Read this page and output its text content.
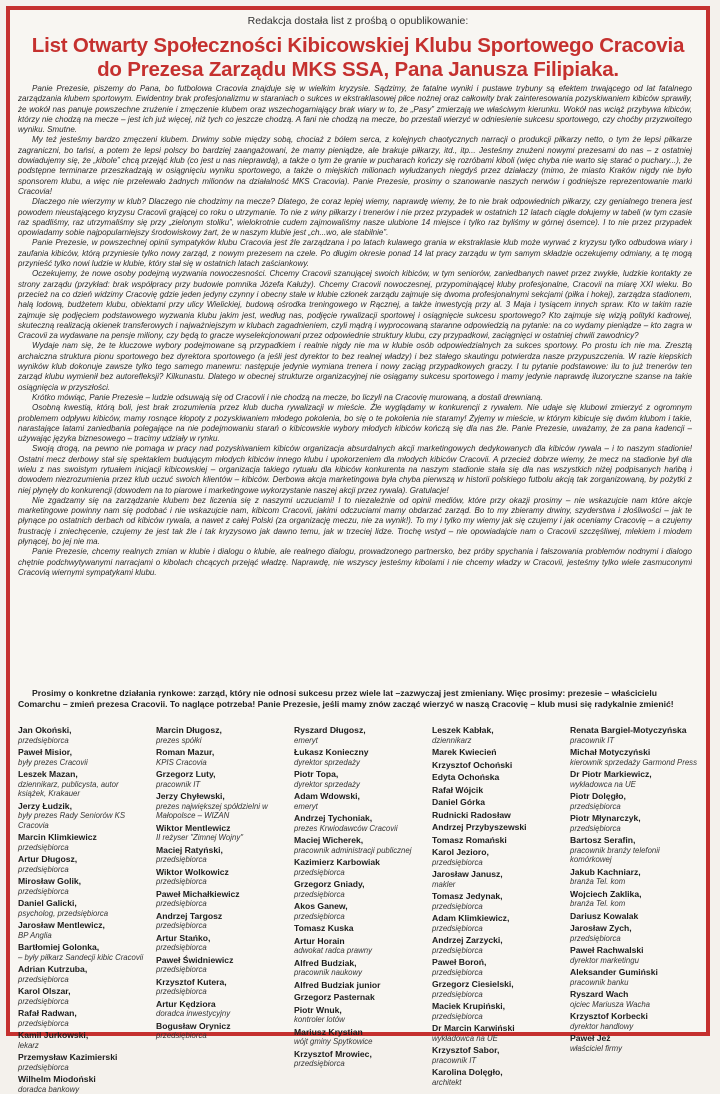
Redakcja dostała list z prośbą o opublikowanie:
List Otwarty Społeczności Kibicowskiej Klubu Sportowego Cracovia
do Prezesa Zarządu MKS SSA, Pana Janusza Filipiaka.

Panie Prezesie, piszemy do Pana, bo futbolowa Cracovia znajduje się w wielkim kryzysie. Sądzimy, że fatalne wyniki i pustawe trybuny są efektem trwającego od lat fatalnego zarządzania klubem sportowym. Ewidentny brak profesjonalizmu w staraniach o sukces w ekstraklasowej piłce nożnej oraz całkowity brak zainteresowania pozyskiwaniem kibiców sprawiły, że wokół nas panuje powszechne zrużenie i zmęczenie klubem oraz wszechogarniający brak wiary w to, że „Pasy” zmierzają we właściwym kierunku. Wokół nas wciąż przybywa kibiców, którzy nie chodzą na mecze – jest ich już więcej, niż tych co jeszcze chodzą. A fani nie chodzą na mecze, bo przestali wierzyć w odniesienie sukcesu sportowego, czy choćby przyzwoitego wyniku. Smutne.

My też jesteśmy bardzo zmęczeni klubem. Drwimy sobie między sobą, chociaż z bólem serca, z kolejnych chaotycznych narracji o produkcji piłkarzy netto, o tym że lepsi piłkarze zagraniczni, bo tańsi, a potem że lepsi polscy bo bardziej zaangażowani, że mamy pieniądze, ale brakuje piłkarzy, itd., itp... Jesteśmy znużeni nowymi prezesami do nas – z ostatniej dowiadujemy się, że „kibole” chcą przejąć klub (co jest u nas nieprawdą), a także o tym że granie w pucharach kończy się rozróbami kiboli (więc chyba nie warto się starać o puchary...), że podstępne terminarze przeszkadzają w osiągnięciu wyniku sportowego, a także o miejskich milionach wyłudzanych niegdyś przez działaczy (mimo, że miasto Kraków nigdy nie było sponsorem klubu, a więc nie przelewało żadnych milionów na działalność MKS Cracovia). Panie Prezesie, prosimy o szanowanie naszych nerwów i godniejsze reprezentowanie marki Cracovia!

Dlaczego nie wierzymy w klub? Dlaczego nie chodzimy na mecze? Dlatego, że coraz lepiej wiemy, naprawdę wiemy, że to nie brak odpowiednich piłkarzy, czy genialnego trenera jest powodem nieustającego kryzysu Cracovii grającej co roku o utrzymanie. To nie z winy piłkarzy i trenerów i nie przez przypadek w ostatnich 12 latach ciągle dołujemy w tabeli (w tym czasie raz spadliśmy, raz utrzymaliśmy się przy „zielonym stoliku”, wielokrotnie cudem zajmowaliśmy nasze ulubione 14 miejsce i tylko raz byliśmy w górnej ósemce). I to nie przez przypadek opowiadamy sobie najpopularniejszy środowiskowy żart, że w naszym klubie jest „ch...wo, ale stabilnie”.

Panie Prezesie, w powszechnej opinii sympatyków klubu Cracovia jest źle zarządzana i po latach kulawego grania w ekstraklasie klub może wyrwać z kryzysu tylko odbudowa wiary i zaufania kibiców, którą przyniesie tylko nowy zarząd, z nowym prezesem na czele. Po długim okresie ponad 14 lat pracy zarządu w tym samym składzie oczekujemy odmiany, a tę mogą przynieść tylko nowi ludzie w klubie, który stał się w ostatnich latach zaściankowy.

Oczekujemy, że nowe osoby podejmą wyzwania nowoczesności. Chcemy Cracovii szanującej swoich kibiców, w tym seniorów, zaniedbanych nawet przez zwykłe, ludzkie kontakty ze strony zarządu (przykład: brak współpracy przy budowie pomnika Józefa Kałuży). Chcemy Cracovii nowoczesnej, przypominającej kluby profesjonalne, Cracovii na miarę XXI wieku. Bo przecież na co dzień widzimy Cracovię gdzie jeden jedyny czynny i obecny stale w klubie członek zarządu zajmuje się dwoma profesjonalnymi sekcjami (piłka i hokej), zarządza stadionem, halą lodową, budżetem klubu, obiektami przy ulicy Wielickiej, budową ośrodka treningowego w Rącznej, a także inwestycją przy al. 3 Maja i tysiącem innych spraw. Kto w takim razie zajmuje się podjęciem podstawowego wyzwania klubu jakim jest, według nas, podjęcie rywalizacji sportowej i osiągnięcie sukcesu sportowego? Kto zajmuje się wizją polityki kadrowej, skuteczną realizacją okienek transferowych i najważniejszym w klubach zagadnieniem, czyli mądrą i wyprocowaną staranne odpowiedzią na pytanie: na co wydamy pieniądze – kto zagra w Cracovii za wydawane na pensje miliony, czy będą to gracze wyselekcjonowani przez odpowiednie struktury klubu, czy przypadkowi, zaciągnięci w ostatniej chwili zawodnicy?

Wydaje nam się, że te kluczowe wybory podejmowane są przypadkiem i realnie nigdy nie ma w klubie osób odpowiedzialnych za sukces sportowy. Po prostu ich nie ma. Zresztą archaiczna struktura pionu sportowego bez dyrektora sportowego (a jeśli jest dyrektor to bez realnej władzy) i bez stałego skautingu potwierdza nasze przypuszczenia. W razie kiepskich wyników klub dokonuje zawsze tylko tego samego manewru: następuje jedynie wymiana trenera i nowy zaciąg przypadkowych graczy. I tu pytanie podstawowe: ilu to już trenerów ten zarząd klubu wymienił bez autorefleksji? Kilkunastu. Dlatego w obecnej strukturze organizacyjnej nie osiągamy sukcesu sportowego i mamy jedynie naprawdę iluzoryczne szanse na takie osiągnięcia w przyszłości.

Krótko mówiąc, Panie Prezesie – ludzie odsuwają się od Cracovii i nie chodzą na mecze, bo liczyli na Cracovię murowaną, a dostali drewnianą.

Osobną kwestią, którą boli, jest brak zrozumienia przez klub ducha rywalizacji w mieście. Źle wyglądamy w konkurencji z rywalem. Nie udaje się klubowi zmierzyć z ogromnym problemem odpływu kibiców, mamy rosnące kłopoty z pozyskiwaniem młodego pokolenia, bo się o te pokolenia nie staramy! Żyjemy w mieście, w którym kibicuje się dwóm klubom i takie, narastające latami zaniedbania polegające na nie podejmowaniu starań o kibicowskie wybory młodych kibiców kończą się dla nas źle. Panie Prezesie, uważamy, że za pana kadencji – używając języka biznesowego – tracimy udziały w rynku.

Swoją drogą, na pewno nie pomaga w pracy nad pozyskiwaniem kibiców organizacja absurdalnych akcji marketingowych dedykowanych dla kibiców rywala – i to naszym stadionie! Ostatni mecz derbowy stał się spektaklem budującym młodych kibiców innego klubu i upokorzeniem dla młodych kibiców Cracovii. A przecież dobrze wiemy, że mecz na stadionie był dla wielu z nas swoistym rytuałem inicjacji kibicowskiej – organizacja takiego rytuału dla kibiców konkurenta na naszym stadionie stała się dla nas wszystkich niżej podpisanych hańbą i dowodem niezrozumienia przez klub uczuć swoich klientów – kibiców. Derbowa akcja marketingowa była chyba pierwszą w historii polskiego futbolu akcją tak zorganizowaną, by pożytki z niej płynęły do konkurencji (dowodem na to piarowe i marketingowe wykorzystanie naszej akcji przez rywala). Gratulacje!

Nie zgadzamy się na zarządzanie klubem bez liczenia się z naszymi uczuciami! I to niezależnie od opinii mediów, które przy okazji prosimy – nie wskazujcie nam które akcje marketingowe powinny nam się podobać i nie wskazujcie nam, kibicom Cracovii, jakimi odczuciami mamy obdarzać zarząd. Bo to my zbieramy drwiny, szyderstwa i złośliwości – jak te płynące po ostatnich derbach od kibiców rywala, a nawet z całej Polski (za organizację meczu, nie za wynik!). To my i tylko my wiemy jak się czujemy i jak oceniamy Cracovię – a czujemy frustrację i zniechęcenie, czujemy że jest tak źle i tak kryzysowo jak dawno temu, jak w trzeciej lidze. Trochę wstyd – nie opowiadajcie nam o Cracovii szczęśliwej, mlekiem i miodem płynącej, bo jej nie ma.

Panie Prezesie, chcemy realnych zmian w klubie i dialogu o klubie, ale realnego dialogu, prowadzonego partnersko, bez próby spychania i fałszowania problemów nodnymi i dialogo chętnie podchwytywanymi narracjami o kibolach chcących przejąć władzę. Naprawdę, nie wszyscy jesteśmy kibolami i nie chcemy władzy w Cracovii, jesteśmy tylko wiele zasmuconymi Cracovią wiernymi sympatykami klubu.

Prosimy o konkretne działania rynkowe: zarząd, który nie odnosi sukcesu przez wiele lat –zazwyczaj jest zmieniany. Więc prosimy: prezesie – właścicielu Comarchu – zmień prezesa Cracovii. To naglące potrzeba! Panie Prezesie, jeśli mamy znów zacząć wierzyć w naszą Cracovię – klub musi się radykalnie zmienić!
Jan Okoński,
przedsiębiorca
Paweł Misior,
były prezes Cracovii
Leszek Mazan,
dziennikarz, publicysta, autor książek, Krakauer
Jerzy Łudzik,
były prezes Rady Seniorów KS Cracovia
Marcin Klimkiewicz
przedsiębiorca
Artur Długosz,
przedsiębiorca
Mirosław Golik,
przedsiębiorca
Daniel Galicki,
psycholog, przedsiębiorca
Jarosław Mentlewicz,
BP Anglia
Bartłomiej Golonka,
– były piłkarz Sandecji kibic Cracovii
Adrian Kutrzuba,
przedsiębiorca
Karol Olszar,
przedsiębiorca
Rafał Radwan,
przedsiębiorca
Kamil Jurkowski,
lekarz
Przemysław Kazimierski
przedsiębiorca
Wilhelm Miodoński
doradca bankowy
Marcin Długosz,
prezes spółki
Roman Mazur,
KPIS Cracovia
Grzegorz Luty,
pracownik IT
Jerzy Chyłewski,
prezes największej spółdzielni w Małopolsce – WIZAN
Wiktor Mentlewicz
II reżyser "Zimnej Wojny"
Maciej Ratyński,
przedsiębiorca
Wiktor Wolkowicz
przedsiębiorca
Paweł Michałkiewicz
przedsiębiorca
Andrzej Targosz
przedsiębiorca
Artur Stańko,
przedsiębiorca
Paweł Świdniewicz
przedsiębiorca
Krzysztof Kutera,
przedsiębiorca
Artur Kędziora
doradca inwestycyjny
Bogusław Orynicz
przedsiębiorca
Ryszard Długosz,
emeryt
Łukasz Konieczny
dyrektor sprzedaży
Piotr Topa,
dyrektor sprzedaży
Adam Wdowski,
emeryt
Andrzej Tychoniak,
prezes Krwiodawców Cracovii
Maciej Wicherek,
pracownik administracji publicznej
Kazimierz Karbowiak
przedsiębiorca
Grzegorz Gniady,
przedsiębiorca
Akos Ganew,
przedsiębiorca
Tomasz Kuska
Artur Horain
adwokat radca prawny
Alfred Budziak,
pracownik naukowy
Alfred Budziak junior
Grzegorz Pasternak
Piotr Wnuk,
kontroler lotów
Mariusz Krystian
wójt gminy Spytkowice
Krzysztof Mrowiec,
przedsiębiorca
Leszek Kabłak,
dziennikarz
Marek Kwiecień
Krzysztof Ochoński
Edyta Ochońska
Rafał Wójcik
Daniel Górka
Rudnicki Radosław
Andrzej Przybyszewski
Tomasz Romański
Karol Jezioro,
przedsiębiorca
Jarosław Janusz,
makler
Tomasz Jedynak,
przedsiębiorca
Adam Klimkiewicz,
przedsiębiorca
Andrzej Zarzycki,
przedsiębiorca
Paweł Boroń,
przedsiębiorca
Grzegorz Ciesielski,
przedsiębiorca
Maciek Krupiński,
przedsiębiorca
Dr Marcin Karwiński
wykładowca na UE
Krzysztof Sabor,
pracownik IT
Karolina Dolęgło,
architekt
Renata Bargiel-Motyczyńska
pracownik IT
Michał Motyczyński
kierownik sprzedaży Garmond Press
Dr Piotr Markiewicz,
wykładowca na UE
Piotr Dolęgło,
przedsiębiorca
Piotr Młynarczyk,
przedsiębiorca
Bartosz Serafin,
pracownik branży telefonii komórkowej
Jakub Kachniarz,
branża Tel. kom
Wojciech Zaklika,
branża Tel. kom
Dariusz Kowalak
Jarosław Zych,
przedsiębiorca
Paweł Rachwalski
dyrektor marketingu
Aleksander Gumiński
pracownik banku
Ryszard Wach
ojciec Mariusza Wacha
Krzysztof Korbecki
dyrektor handlowy
Paweł Jeż
właściciel firmy
